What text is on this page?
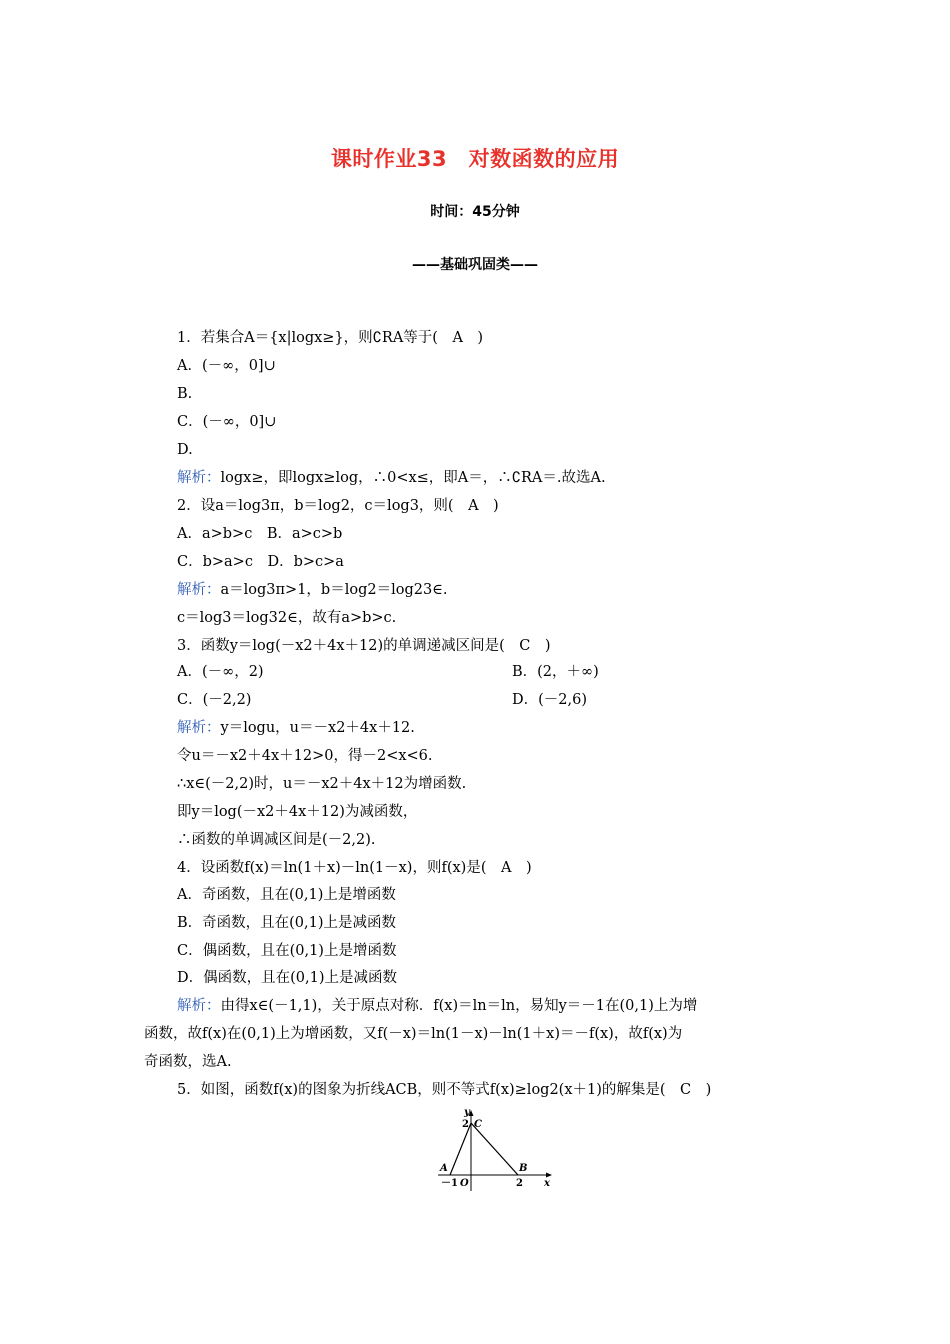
课时作业33　对数函数的应用
时间：45分钟
——基础巩固类——
1．若集合A＝{x|logx≥}，则∁RA等于(　A　)
A．(－∞，0]∪
B.
C．(－∞，0]∪
D.
解析：logx≥，即logx≥log，∴0<x≤，即A＝，∴∁RA＝.故选A.
2．设a＝log3π，b＝log2，c＝log3，则(　A　)
A．a>b>c　B．a>c>b
C．b>a>c　D．b>c>a
解析：a＝log3π>1，b＝log2＝log23∈.
c＝log3＝log32∈，故有a>b>c.
3．函数y＝log(－x2＋4x＋12)的单调递减区间是(　C　)
A．(－∞，2)	B．(2，＋∞)
C．(－2,2)	D．(－2,6)
解析：y＝logu，u＝－x2＋4x＋12.
令u＝－x2＋4x＋12>0，得－2<x<6.
∴x∈(－2,2)时，u＝－x2＋4x＋12为增函数.
即y＝log(－x2＋4x＋12)为减函数，
∴函数的单调减区间是(－2,2).
4．设函数f(x)＝ln(1＋x)－ln(1－x)，则f(x)是(　A　)
A．奇函数，且在(0,1)上是增函数
B．奇函数，且在(0,1)上是减函数
C．偶函数，且在(0,1)上是增函数
D．偶函数，且在(0,1)上是减函数
解析：由得x∈(－1,1)，关于原点对称．f(x)＝ln＝ln，易知y＝－1在(0,1)上为增
函数，故f(x)在(0,1)上为增函数，又f(－x)＝ln(1－x)－ln(1＋x)＝－f(x)，故f(x)为
奇函数，选A.
5．如图，函数f(x)的图象为折线ACB，则不等式f(x)≥log2(x＋1)的解集是(　C　)
y
2 C
A	B
－1 O	2 x
